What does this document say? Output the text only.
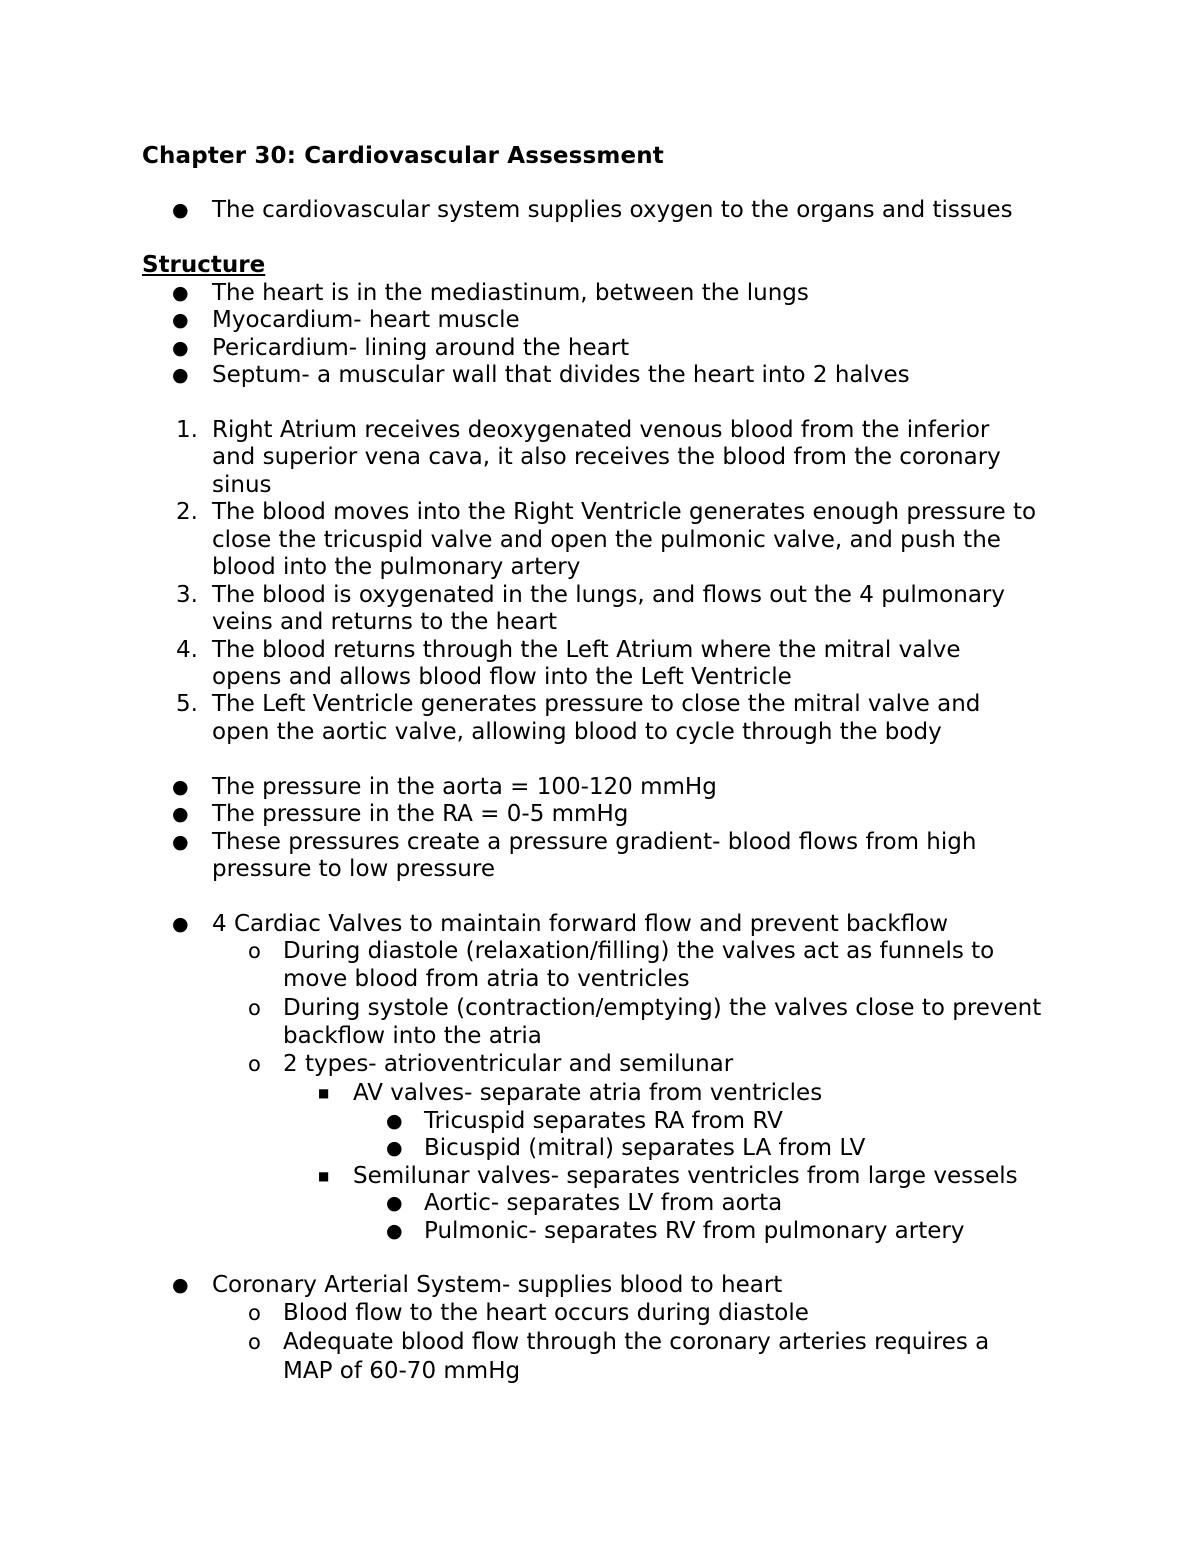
Chapter 30: Cardiovascular Assessment
● The cardiovascular system supplies oxygen to the organs and tissues
Structure
● The heart is in the mediastinum, between the lungs
● Myocardium- heart muscle
● Pericardium- lining around the heart
● Septum- a muscular wall that divides the heart into 2 halves
1. Right Atrium receives deoxygenated venous blood from the inferior
and superior vena cava, it also receives the blood from the coronary
sinus
2. The blood moves into the Right Ventricle generates enough pressure to
close the tricuspid valve and open the pulmonic valve, and push the
blood into the pulmonary artery
3. The blood is oxygenated in the lungs, and flows out the 4 pulmonary
veins and returns to the heart
4. The blood returns through the Left Atrium where the mitral valve
opens and allows blood flow into the Left Ventricle
5. The Left Ventricle generates pressure to close the mitral valve and
open the aortic valve, allowing blood to cycle through the body
● The pressure in the aorta = 100-120 mmHg
● The pressure in the RA = 0-5 mmHg
● These pressures create a pressure gradient- blood flows from high
pressure to low pressure
● 4 Cardiac Valves to maintain forward flow and prevent backflow
o During diastole (relaxation/filling) the valves act as funnels to
move blood from atria to ventricles
o During systole (contraction/emptying) the valves close to prevent
backflow into the atria
o 2 types- atrioventricular and semilunar
■ AV valves- separate atria from ventricles
● Tricuspid separates RA from RV
● Bicuspid (mitral) separates LA from LV
■ Semilunar valves- separates ventricles from large vessels
● Aortic- separates LV from aorta
● Pulmonic- separates RV from pulmonary artery
● Coronary Arterial System- supplies blood to heart
o Blood flow to the heart occurs during diastole
o Adequate blood flow through the coronary arteries requires a
MAP of 60-70 mmHg
